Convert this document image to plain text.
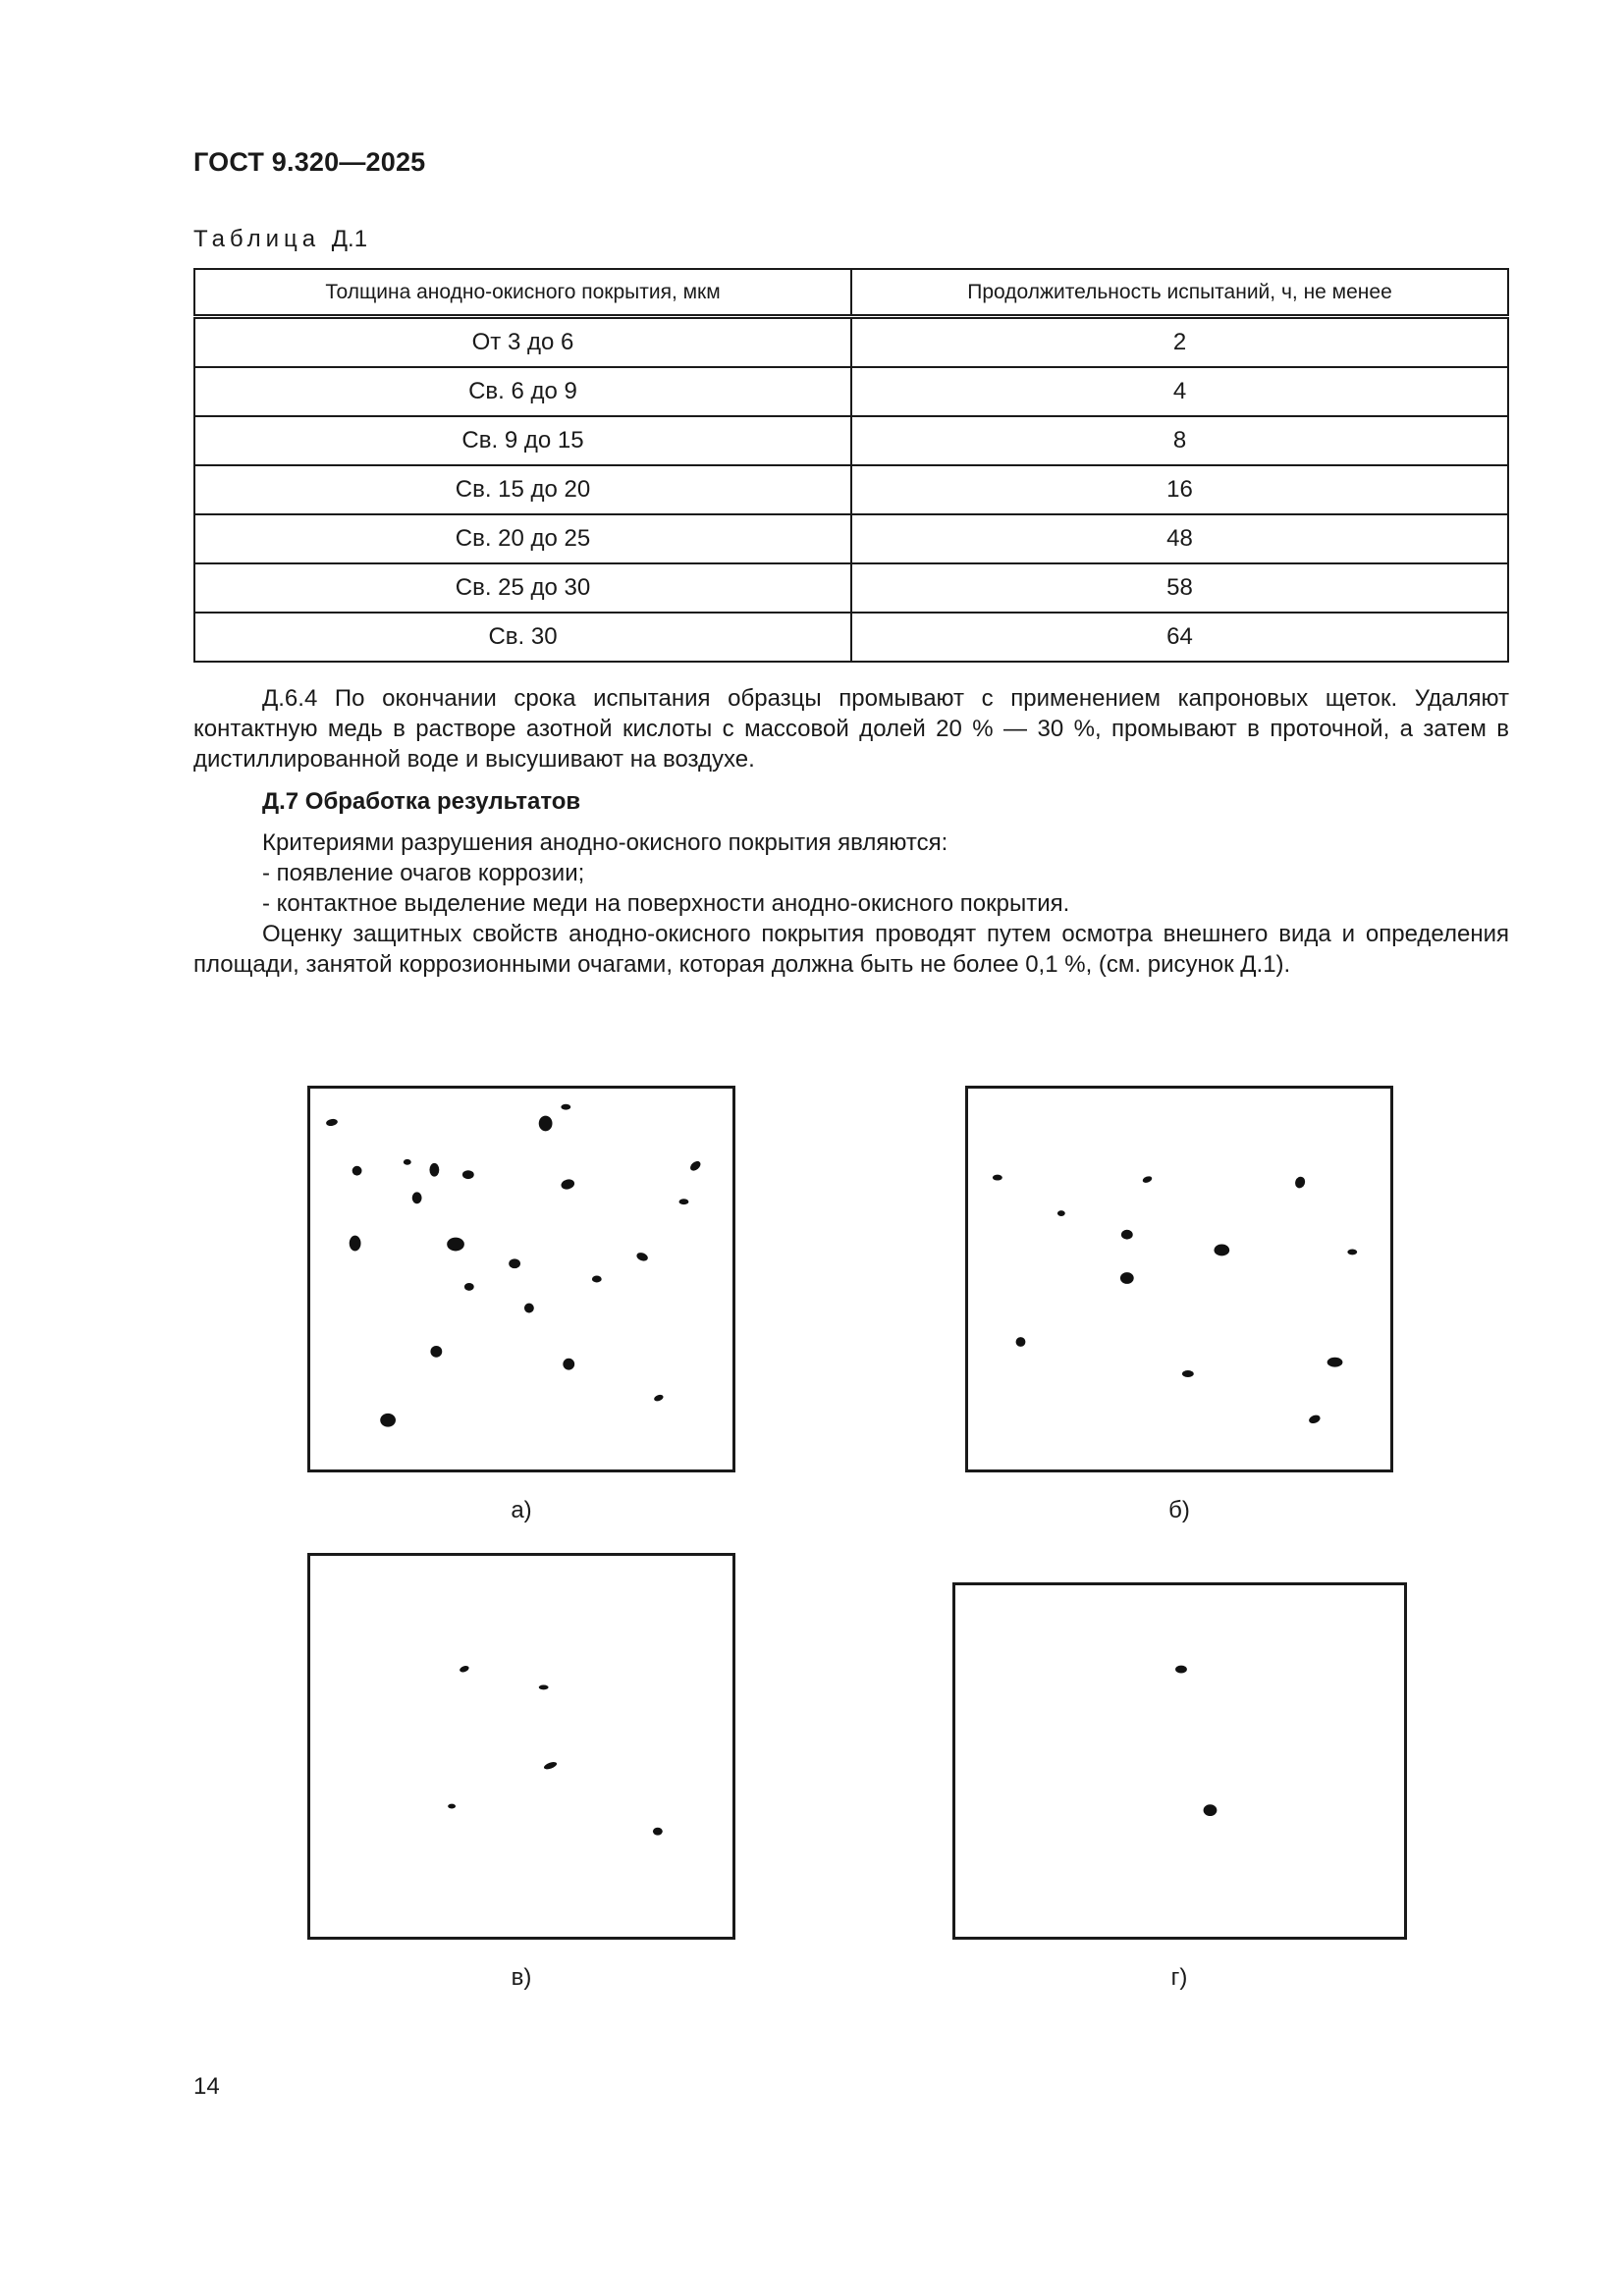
ГОСТ 9.320—2025
Таблица Д.1
Толщина анодно-окисного покрытия, мкм	Продолжительность испытаний, ч, не менее
От 3 до 6	2
Св. 6 до 9	4
Св. 9 до 15	8
Св. 15 до 20	16
Св. 20 до 25	48
Св. 25 до 30	58
Св. 30	64
Д.6.4 По окончании срока испытания образцы промывают с применением капроновых щеток. Удаляют контактную медь в растворе азотной кислоты с массовой долей 20 % — 30 %, промывают в проточной, а затем в дистиллированной воде и высушивают на воздухе.
Д.7 Обработка результатов
Критериями разрушения анодно-окисного покрытия являются:
- появление очагов коррозии;
- контактное выделение меди на поверхности анодно-окисного покрытия.
Оценку защитных свойств анодно-окисного покрытия проводят путем осмотра внешнего вида и определения площади, занятой коррозионными очагами, которая должна быть не более 0,1 %, (см. рисунок Д.1).
а)	б)
в)	г)
14
